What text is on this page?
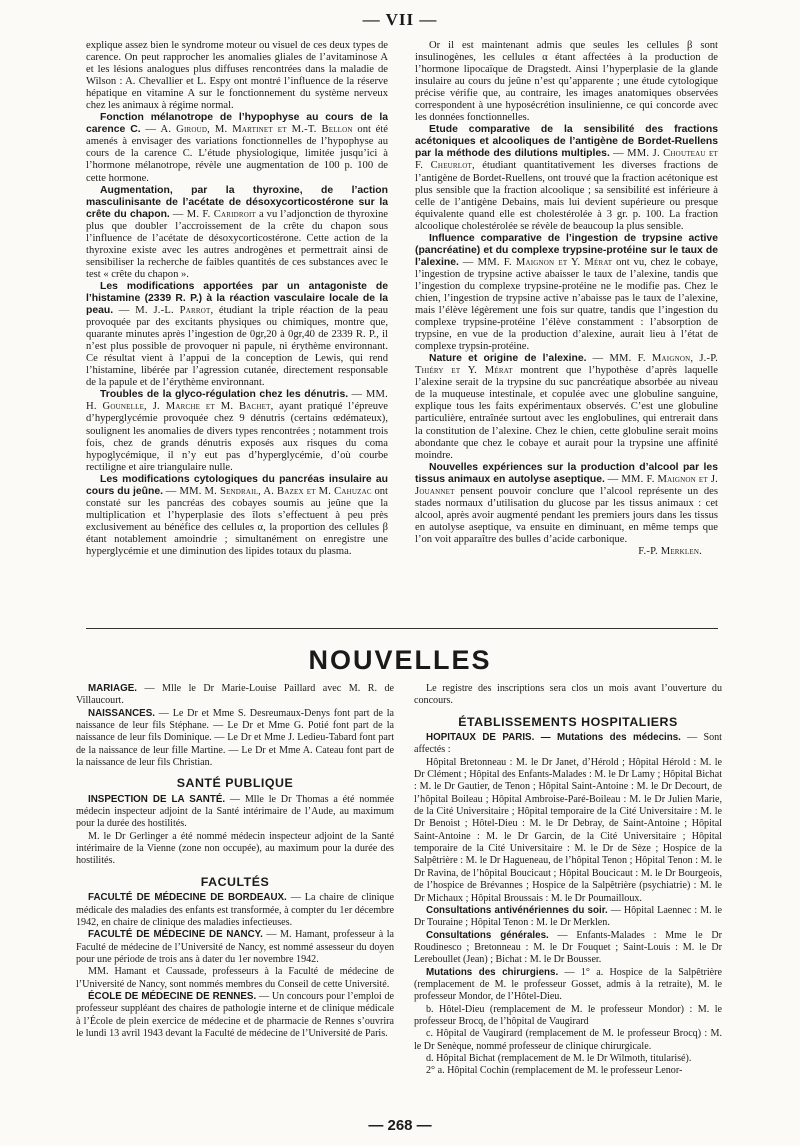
— VII —

explique assez bien le syndrome moteur ou visuel de ces deux types de carence. On peut rapprocher les anomalies gliales de l’avitaminose A et les lésions analogues plus diffuses rencontrées dans la maladie de Wilson : A. Chevallier et L. Espy ont montré l’influence de la réserve hépatique en vitamine A sur le fonctionnement du système nerveux chez les animaux à régime normal.

Fonction mélanotrope de l’hypophyse au cours de la carence C. — A. Giroud, M. Martinet et M.-T. Bellon ont été amenés à envisager des variations fonctionnelles de l’hypophyse au cours de la carence C. L’étude physiologique, limitée jusqu’ici à l’hormone mélanotrope, révèle une augmentation de 100 p. 100 de cette hormone.

Augmentation, par la thyroxine, de l’action masculinisante de l’acétate de désoxycorticostérone sur la crête du chapon. — M. F. Caridroit a vu l’adjonction de thyroxine plus que doubler l’accroissement de la crête du chapon sous l’influence de l’acétate de désoxycorticostérone. Cette action de la thyroxine existe avec les autres androgènes et permettrait ainsi de sensibiliser la recherche de faibles quantités de ces substances avec le test « crête du chapon ».

Les modifications apportées par un antagoniste de l’histamine (2339 R. P.) à la réaction vasculaire locale de la peau. — M. J.-L. Parrot, étudiant la triple réaction de la peau provoquée par des excitants physiques ou chimiques, montre que, quarante minutes après l’ingestion de 0gr,20 à 0gr,40 de 2339 R. P., il n’est plus possible de provoquer ni papule, ni érythème environnant. Ce résultat vient à l’appui de la conception de Lewis, qui rend l’histamine, libérée par l’agression cutanée, directement responsable de la papule et de l’érythème environnant.

Troubles de la glyco-régulation chez les dénutris. — MM. H. Gounelle, J. Marche et M. Bachet, ayant pratiqué l’épreuve d’hyperglycémie provoquée chez 9 dénutris (certains œdémateux), soulignent les anomalies de divers types rencontrées ; notamment trois fois, chez de grands dénutris exposés aux risques du coma hypoglycémique, il n’y eut pas d’hyperglycémie, d’où courbe rectiligne et aire triangulaire nulle.

Les modifications cytologiques du pancréas insulaire au cours du jeûne. — MM. M. Sendrail, A. Bazex et M. Cahuzac ont constaté sur les pancréas des cobayes soumis au jeûne que la multiplication et l’hyperplasie des îlots s’effectuent à peu près exclusivement au bénéfice des cellules α, la proportion des cellules β étant notablement amoindrie ; simultanément on enregistre une hyperglycémie et une diminution des lipides totaux du plasma.

Or il est maintenant admis que seules les cellules β sont insulinogènes, les cellules α étant affectées à la production de l’hormone lipocaïque de Dragstedt. Ainsi l’hyperplasie de la glande insulaire au cours du jeûne n’est qu’apparente ; une étude cytologique précise vérifie que, au contraire, les images anatomiques observées correspondent à une hyposécrétion insulinienne, ce qui concorde avec les données fonctionnelles.

Etude comparative de la sensibilité des fractions acétoniques et alcooliques de l’antigène de Bordet-Ruellens par la méthode des dilutions multiples. — MM. J. Chouteau et F. Cheurlot, étudiant quantitativement les diverses fractions de l’antigène de Bordet-Ruellens, ont trouvé que la fraction acétonique est plus sensible que la fraction alcoolique ; sa sensibilité est inférieure à celle de l’antigène Debains, mais lui devient supérieure ou presque équivalente quand elle est cholestérolée à 3 gr. p. 100. La fraction alcoolique cholestérolée se révèle de beaucoup la plus sensible.

Influence comparative de l’ingestion de trypsine active (pancréatine) et du complexe trypsine-protéine sur le taux de l’alexine. — MM. F. Maignon et Y. Mérat ont vu, chez le cobaye, l’ingestion de trypsine active abaisser le taux de l’alexine, tandis que l’ingestion du complexe trypsine-protéine ne le modifie pas. Chez le chien, l’ingestion de trypsine active n’abaisse pas le taux de l’alexine, mais l’élève légèrement une fois sur quatre, tandis que l’ingestion du complexe trypsine-protéine l’élève constamment : l’absorption de trypsine, en vue de la production d’alexine, aurait lieu à l’état de complexe trypsin-protéine.

Nature et origine de l’alexine. — MM. F. Maignon, J.-P. Thiéry et Y. Mérat montrent que l’hypothèse d’après laquelle l’alexine serait de la trypsine du suc pancréatique absorbée au niveau de la muqueuse intestinale, et copulée avec une globuline sanguine, explique tous les faits expérimentaux observés. C’est une globuline particulière, entraînée surtout avec les englobulines, qui entrerait dans la constitution de l’alexine. Chez le chien, cette globuline serait moins abondante que chez le cobaye et aurait pour la trypsine une affinité moindre.

Nouvelles expériences sur la production d’alcool par les tissus animaux en autolyse aseptique. — MM. F. Maignon et J. Jouannet pensent pouvoir conclure que l’alcool représente un des stades normaux d’utilisation du glucose par les tissus animaux : cet alcool, après avoir augmenté pendant les premiers jours dans les tissus en autolyse aseptique, va ensuite en diminuant, en même temps que l’on voit apparaître des bulles d’acide carbonique.

F.-P. Merklen.

NOUVELLES

MARIAGE. — Mlle le Dr Marie-Louise Paillard avec M. R. de Villaucourt.

NAISSANCES. — Le Dr et Mme S. Desreumaux-Denys font part de la naissance de leur fils Stéphane. — Le Dr et Mme G. Potié font part de la naissance de leur fils Dominique. — Le Dr et Mme J. Ledieu-Tabard font part de la naissance de leur fille Martine. — Le Dr et Mme A. Cateau font part de la naissance de leur fils Christian.

SANTÉ PUBLIQUE

INSPECTION DE LA SANTÉ. — Mlle le Dr Thomas a été nommée médecin inspecteur adjoint de la Santé intérimaire de l’Aude, au maximum pour la durée des hostilités.

M. le Dr Gerlinger a été nommé médecin inspecteur adjoint de la Santé intérimaire de la Vienne (zone non occupée), au maximum pour la durée des hostilités.

FACULTÉS

FACULTÉ DE MÉDECINE DE BORDEAUX. — La chaire de clinique médicale des maladies des enfants est transformée, à compter du 1er décembre 1942, en chaire de clinique des maladies infectieuses.

FACULTÉ DE MÉDECINE DE NANCY. — M. Hamant, professeur à la Faculté de médecine de l’Université de Nancy, est nommé assesseur du doyen pour une période de trois ans à dater du 1er novembre 1942.

MM. Hamant et Caussade, professeurs à la Faculté de médecine de l’Université de Nancy, sont nommés membres du Conseil de cette Université.

ÉCOLE DE MÉDECINE DE RENNES. — Un concours pour l’emploi de professeur suppléant des chaires de pathologie interne et de clinique médicale à l’École de plein exercice de médecine et de pharmacie de Rennes s’ouvrira le lundi 13 avril 1943 devant la Faculté de médecine de l’Université de Paris.

Le registre des inscriptions sera clos un mois avant l’ouverture du concours.

ÉTABLISSEMENTS HOSPITALIERS

HOPITAUX DE PARIS. — Mutations des médecins. — Sont affectés :

Hôpital Bretonneau : M. le Dr Janet, d’Hérold ; Hôpital Hérold : M. le Dr Clément ; Hôpital des Enfants-Malades : M. le Dr Lamy ; Hôpital Bichat : M. le Dr Gautier, de Tenon ; Hôpital Saint-Antoine : M. le Dr Decourt, de l’hôpital Boileau ; Hôpital Ambroise-Paré-Boileau : M. le Dr Julien Marie, de la Cité Universitaire ; Hôpital temporaire de la Cité Universitaire : M. le Dr Benoist ; Hôtel-Dieu : M. le Dr Debray, de Saint-Antoine ; Hôpital Saint-Antoine : M. le Dr Garcin, de la Cité Universitaire ; Hôpital temporaire de la Cité Universitaire : M. le Dr de Sèze ; Hospice de la Salpêtrière : M. le Dr Hagueneau, de l’hôpital Tenon ; Hôpital Tenon : M. le Dr Ravina, de l’hôpital Boucicaut ; Hôpital Boucicaut : M. le Dr Bourgeois, de l’hospice de Brévannes ; Hospice de la Salpêtrière (psychiatrie) : M. le Dr Michaux ; Hôpital Broussais : M. le Dr Poumailloux.

Consultations antivénériennes du soir. — Hôpital Laennec : M. le Dr Touraine ; Hôpital Tenon : M. le Dr Merklen.

Consultations générales. — Enfants-Malades : Mme le Dr Roudinesco ; Bretonneau : M. le Dr Fouquet ; Saint-Louis : M. le Dr Lereboullet (Jean) ; Bichat : M. le Dr Bousser.

Mutations des chirurgiens. — 1° a. Hospice de la Salpêtrière (remplacement de M. le professeur Gosset, admis à la retraite), M. le professeur Mondor, de l’Hôtel-Dieu.

b. Hôtel-Dieu (remplacement de M. le professeur Mondor) : M. le professeur Brocq, de l’hôpital de Vaugirard

c. Hôpital de Vaugirard (remplacement de M. le professeur Brocq) : M. le Dr Senèque, nommé professeur de clinique chirurgicale.

d. Hôpital Bichat (remplacement de M. le Dr Wilmoth, titularisé).

2° a. Hôpital Cochin (remplacement de M. le professeur Lenor-

— 268 —
